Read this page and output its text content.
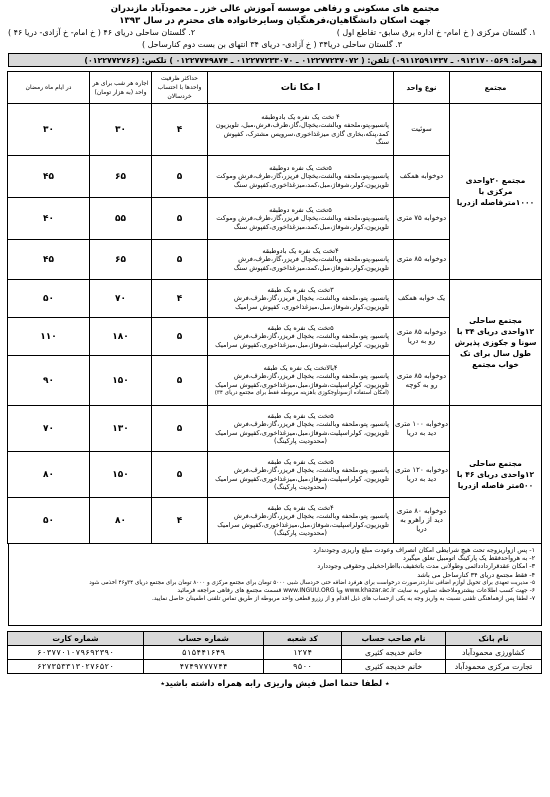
مجتمع های مسکونی و رفاهی موسسه آموزش عالی خزر ـ محمودآباد مازندران
جهت اسکان دانشگاهیان،فرهنگیان وسایرخانواده های محترم در سال ۱۳۹۳
۱. گلستان مرکزی ( خ امام- خ اداره برق سابق- تقاطع اول )
۲. گلستان ساحلی دریای ۴۶ ( خ امام- خ آزادی- دریا ۴۶ )
۳. گلستان ساحلی دریا۳۴ ( خ آزادی- دریای ۳۴ انتهای بن بست دوم کنارساحل )
همراه: ۰۹۱۲۱۷۰۰۵۶۹ ـ ۰۹۱۱۲۵۹۱۴۳۷) تلفن: ( ۰۱۲۲۷۷۲۳۷۰۷۲ ـ ۰۱۲۲۷۷۲۳۳۰۷۰ ـ ۰۱۲۲۷۷۴۹۸۷۴ ) تلکس: (۰۱۲۲۷۷۲۷۶۶)
مجتمع	نوع واحد	ا مکا نات	حداکثر ظرفیت واحدها با احتساب خردسالان	اجاره هر شب برای هر واحد (به هزار تومان)	در ایام ماه رمضان
مجتمع ۲۰واحدی مرکزی با ۱۰۰۰مترفاصله ازدریا	سوئیت	۴ تخت یک نفره یک بادوطبقه
پانسیو،پتو،ملحفه وبالشت،یخچال،گاز،ظرف،فرش،مبل، تلویزیون
کمد،پنکه،بخاری گازی میزغذاخوری،سرویس مشترک، کفپوش سنگ	۴	۳۰	۳۰
	دوخوابه همکف	۵تخت یک نفره دوطبقه
پانسیو،پتو،ملحفه وبالشت،یخچال فریزر،گاز،ظرف،فرش وموکت
تلویزیون،کولر،شوفاژ،مبل،کمد،میزغذاخوری،کفپوش سنگ	۵	۶۵	۴۵
	دوخوابه ۷۵ متری	۵تخت یک نفره دوطبقه
پانسیو،پتو،ملحفه وبالشت،یخچال فریزر،گاز،ظرف،فرش وموکت
تلویزیون،کولر،شوفاژ،مبل،کمد،میزغذاخوری،کفپوش سنگ	۵	۵۵	۴۰
	دوخوابه ۸۵ متری	۴تخت یک نفره یک بادوطبقه
پانسیو،پتو،ملحفه وبالشت،یخچال فریزر،گاز،ظرف،فرش
تلویزیون،کولر،شوفاژ،مبل،کمد،میزغذاخوری،کفپوش سنگ	۵	۶۵	۴۵
مجتمع ساحلی ۱۲واحدی دریای ۳۴ با سونا و جکوزی پذیرش طول سال برای تک خواب مجتمع	یک خوابه همکف	۳تخت یک نفره یک طبقه
پانسیو، پتو،ملحفه وبالشت، یخچال فریزر،گاز،ظرف،فرش
تلویزیون،کولر،شوفاژ،مبل،میزغذاخوری، کفپوش سرامیک	۴	۷۰	۵۰
	دوخوابه ۸۵ متری رو به دریا	۵تخت یک نفره یک طبقه
پانسیو، پتو،ملحفه وبالشت، یخچال فریزر،گاز،ظرف،فرش
تلویزیون، کولراسپلیت،شوفاژ،مبل،میزغذاخوری،کفپوش سرامیک	۵	۱۸۰	۱۱۰
	دوخوابه ۸۵ متری رو به کوچه	۴بالاتخت یک نفره یک طبقه
پانسیو، پتو،ملحفه وبالشت، یخچال فریزر،گاز،ظرف،فرش
تلویزیون، کولراسپلیت،شوفاژ،مبل،میزغذاخوری،کفپوش سرامیک
(امکان استفاده ازسوناوجکوزی باهزینه مربوطه فقط برای مجتمع دریای ۳۴)	۵	۱۵۰	۹۰
مجتمع ساحلی ۱۲واحدی دریای ۴۶ با ۵۰۰متر فاصله ازدریا	دوخوابه ۱۰۰ متری دید به دریا	۵تخت یک نفره یک طبقه
پانسیو، پتو،ملحفه وبالشت، یخچال فریزر،گاز،ظرف،فرش
تلویزیون، کولراسپلیت،شوفاژ،مبل،میزغذاخوری،کفپوش سرامیک
(محدودیت پارکینگ)	۵	۱۳۰	۷۰
	دوخوابه ۱۲۰ متری دید به دریا	۵تخت یک نفره یک طبقه
پانسیو، پتو،ملحفه وبالشت، یخچال فریزر،گاز،ظرف،فرش
تلویزیون، کولراسپلیت،شوفاژ،مبل،میزغذاخوری،کفپوش سرامیک
(محدودیت پارکینگ)	۵	۱۵۰	۸۰
	دوخوابه ۸۰ متری دید از راهرو به دریا	۴تخت یک نفره یک طبقه
پانسیو، پتو،ملحفه وبالشت، یخچال فریزر،گاز،ظرف،فرش
تلویزیون،کولراسپلیت،شوفاژ،مبل،میزغذاخوری،کفپوش سرامیک
(محدودیت پارکینگ)	۴	۸۰	۵۰
۱- پس ازواریزوجه تحت هیچ شرایطی امکان انصراف وعودت مبلغ واریزی وجودندارد
۲- به هرواحدفقط یک پارکینگ اتومبیل تعلق میگیرد
۳- امکان عقدقرارداددائمی وطولانی مدت باتخفیف،بااطراحخیلی وحقوقی وجوددارد
۴- فقط مجتمع دریای ۳۴ کنارساحل می باشد
۵- مدیریت تعهدی برای تحویل لوازم اضافی ندارددرصورت درخواست برای هرفرد اضافه حتی خردسال شبی ۵۰۰۰ تومان برای مجتمع مرکزی و ۸۰۰۰ تومان برای مجتمع دریای ۳۴و۴۶ اخذمی شود
۶- جهت کسب اطلاعات بیشتروملاحظه تصاویر به سایت www.khazar.ac.ir ویا www.INGUU.ORG قسمت مجتمع های رفاهی مراجعه فرمائید
۷- لطفا پس ازهماهنگی تلفنی نسبت به واریز وجه به یکی ازحساب های ذیل اقدام و از رزرو قطعی واحد مربوطه از طریق تماس تلفنی اطمینان حاصل نمایید.
نام بانک	نام صاحب حساب	کد شعبه	شماره حساب	شماره کارت
کشاورزی محمودآباد	خانم خدیجه کثیری	۱۲۷۴	۵۱۵۴۴۱۶۴۹	۶۰۳۷۷۰۱۰۷۹۶۹۲۳۹۰
تجارت مرکزی محمودآباد	خانم خدیجه کثیری	۹۵۰۰	۴۷۴۹۷۷۷۷۴۴	۶۲۷۳۵۳۳۱۳۰۲۷۶۵۲۰
٭ لطفا حتما اصل فیش واریزی رابه همراه داشته باشید٭
